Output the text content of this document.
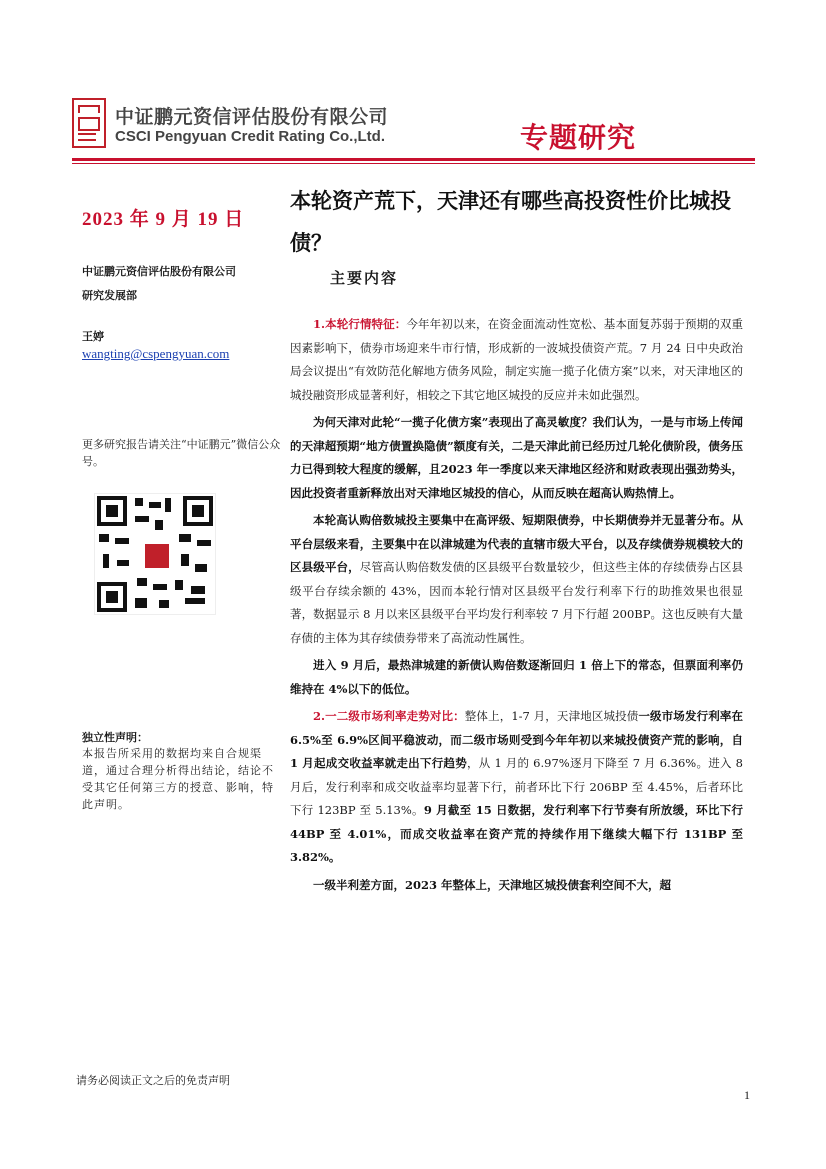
中证鹏元资信评估股份有限公司
CSCI Pengyuan Credit Rating Co.,Ltd.	专题研究
2023 年 9 月 19 日
中证鹏元资信评估股份有限公司
研究发展部
王婷
wangting@cspengyuan.com
更多研究报告请关注“中证鹏元”微信公众号。
独立性声明：
本报告所采用的数据均来自合规渠道，通过合理分析得出结论，结论不受其它任何第三方的授意、影响，特此声明。
本轮资产荒下，天津还有哪些高投资性价比城投债？
主要内容

1.本轮行情特征：今年年初以来，在资金面流动性宽松、基本面复苏弱于预期的双重因素影响下，债券市场迎来牛市行情，形成新的一波城投债资产荒。7 月 24 日中央政治局会议提出“有效防范化解地方债务风险，制定实施一揽子化债方案”以来，对天津地区的城投融资形成显著利好，相较之下其它地区城投的反应并未如此强烈。

为何天津对此轮“一揽子化债方案”表现出了高灵敏度？我们认为，一是与市场上传闻的天津超预期“地方债置换隐债”额度有关，二是天津此前已经历过几轮化债阶段，债务压力已得到较大程度的缓解，且2023 年一季度以来天津地区经济和财政表现出强劲势头，因此投资者重新释放出对天津地区城投的信心，从而反映在超高认购热情上。

本轮高认购倍数城投主要集中在高评级、短期限债券，中长期债券并无显著分布。从平台层级来看，主要集中在以津城建为代表的直辖市级大平台，以及存续债券规模较大的区县级平台，尽管高认购倍数发债的区县级平台数量较少，但这些主体的存续债券占区县级平台存续余额的 43%，因而本轮行情对区县级平台发行利率下行的助推效果也很显著，数据显示 8 月以来区县级平台平均发行利率较 7 月下行超 200BP。这也反映有大量存债的主体为其存续债券带来了高流动性属性。

进入 9 月后，最热津城建的新债认购倍数逐渐回归 1 倍上下的常态，但票面利率仍维持在 4%以下的低位。

2.一二级市场利率走势对比：整体上，1-7 月，天津地区城投债一级市场发行利率在 6.5%至 6.9%区间平稳波动，而二级市场则受到今年年初以来城投债资产荒的影响，自 1 月起成交收益率就走出下行趋势，从 1 月的 6.97%逐月下降至 7 月 6.36%。进入 8 月后，发行利率和成交收益率均显著下行，前者环比下行 206BP 至 4.45%，后者环比下行 123BP 至 5.13%。9 月截至 15 日数据，发行利率下行节奏有所放缓，环比下行 44BP 至 4.01%，而成交收益率在资产荒的持续作用下继续大幅下行 131BP 至 3.82%。

一级半利差方面，2023 年整体上，天津地区城投债套利空间不大，超

请务必阅读正文之后的免责声明
1
